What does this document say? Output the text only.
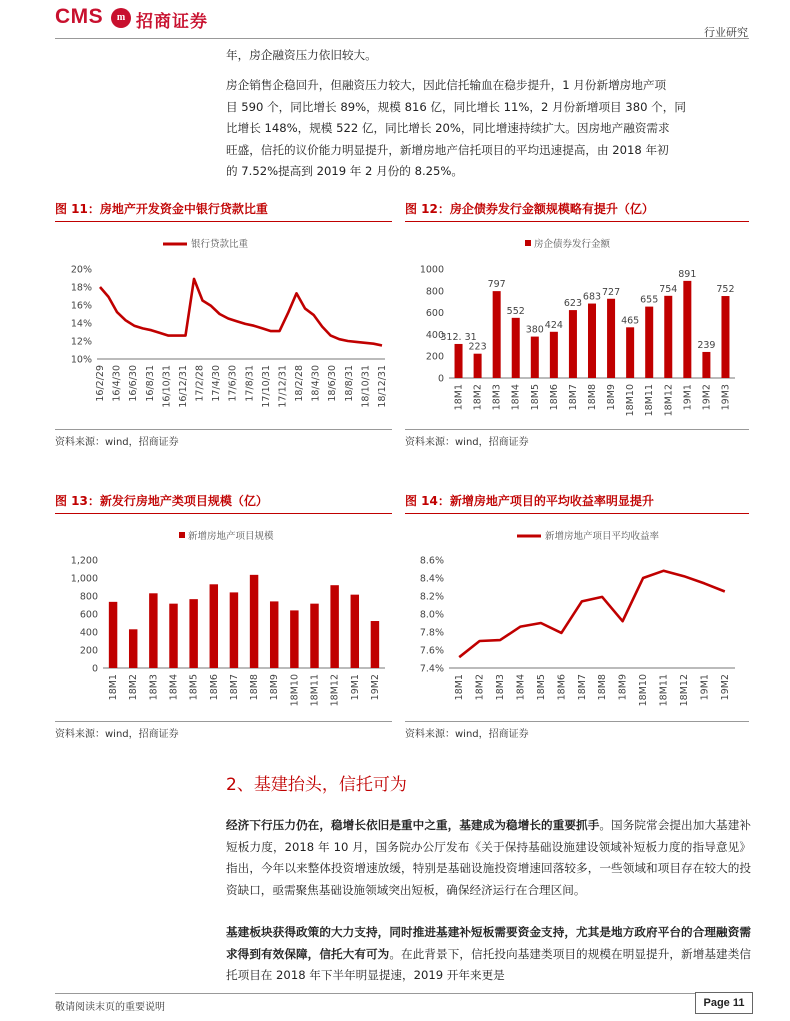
CMS	m 招商证券
行业研究
年，房企融资压力依旧较大。
房企销售企稳回升，但融资压力较大，因此信托输血在稳步提升，1 月份新增房地产项
目 590 个，同比增长 89%，规模 816 亿，同比增长 11%，2 月份新增项目 380 个，同
比增长 148%，规模 522 亿，同比增长 20%，同比增速持续扩大。因房地产融资需求
旺盛，信托的议价能力明显提升，新增房地产信托项目的平均迅速提高，由 2018 年初
的 7.52%提高到 2019 年 2 月份的 8.25%。
图 11：房地产开发资金中银行贷款比重	图 12：房企债券发行金额规模略有提升（亿）
银行贷款比重
20%
18%
16%
14%
12%
10%
16/2/29 16/4/30 16/6/30 16/8/31 16/10/31 16/12/31 17/2/28 17/4/30 17/6/30 17/8/31 17/10/31 17/12/31 18/2/28 18/4/30 18/6/30 18/8/31 18/10/31 18/12/31
房企债券发行金额
1000
800
600
400
200
0
312. 31
18M1
223
18M2
797
18M3
552
18M4
380
18M5
424
18M6
623
18M7
683
18M8
727
18M9
465
18M10
655
18M11
754
18M12
891
19M1
239
19M2
752
19M3
资料来源：wind，招商证券	资料来源：wind，招商证券
图 13：新发行房地产类项目规模（亿）	图 14：新增房地产项目的平均收益率明显提升
新增房地产项目规模
1,200
1,000
800
600
400
200
0
18M1 18M2 18M3 18M4 18M5 18M6 18M7 18M8 18M9 18M10 18M11 18M12 19M1 19M2
新增房地产项目平均收益率
8.6%
8.4%
8.2%
8.0%
7.8%
7.6%
7.4%
18M1 18M2 18M3 18M4 18M5 18M6 18M7 18M8 18M9 18M10 18M11 18M12 19M1 19M2
资料来源：wind，招商证券	资料来源：wind，招商证券
2、基建抬头，信托可为
经济下行压力仍在，稳增长依旧是重中之重，基建成为稳增长的重要抓手。国务院常会提出加大基建补短板力度，2018 年 10 月，国务院办公厅发布《关于保持基础设施建设领域补短板力度的指导意见》指出，今年以来整体投资增速放缓，特别是基础设施投资增速回落较多，一些领域和项目存在较大的投资缺口，亟需聚焦基础设施领域突出短板，确保经济运行在合理区间。
基建板块获得政策的大力支持，同时推进基建补短板需要资金支持，尤其是地方政府平台的合理融资需求得到有效保障，信托大有可为。在此背景下，信托投向基建类项目的规模在明显提升，新增基建类信托项目在 2018 年下半年明显提速，2019 开年来更是
敬请阅读末页的重要说明	Page 11
